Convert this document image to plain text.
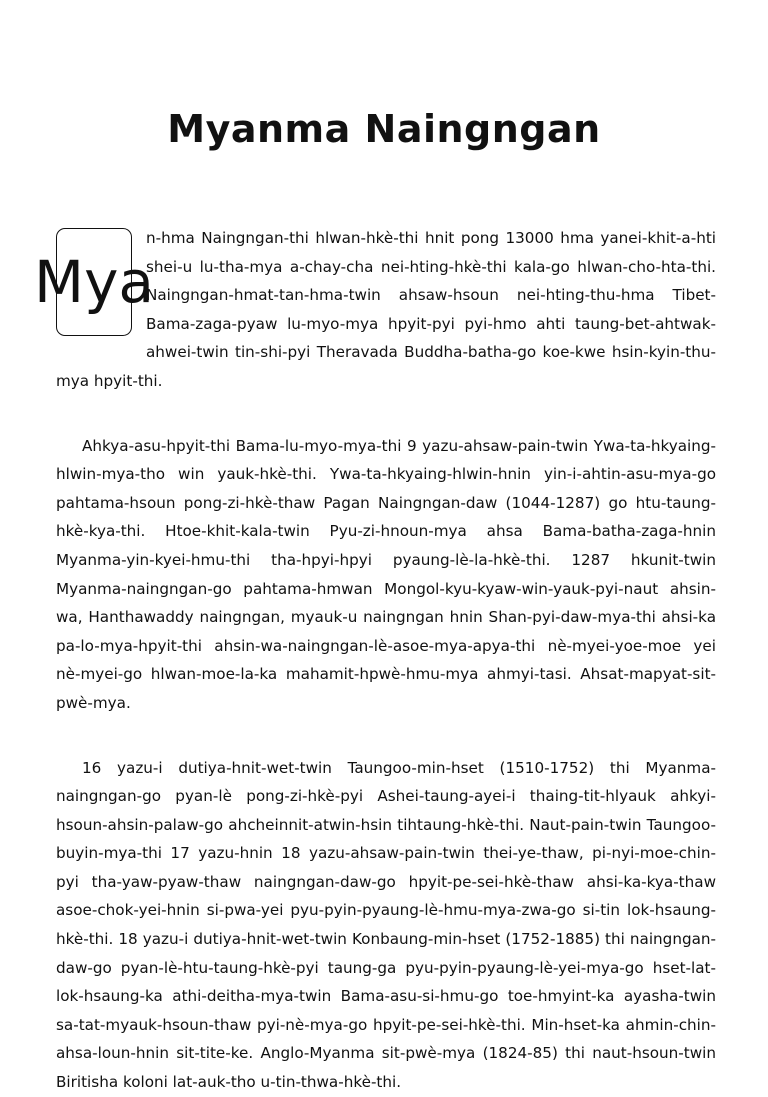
Myanma Naingngan
Mya

n-hma Naingngan-thi hlwan-hkè-thi hnit pong 13000 hma yanei-khit-a-hti shei-u lu-tha-mya a-chay-cha nei-hting-hkè-thi kala-go hlwan-cho-hta-thi. Naingngan-hmat-tan-hma-twin ahsaw-hsoun nei-hting-thu-hma Tibet-Bama-zaga-pyaw lu-myo-mya hpyit-pyi pyi-hmo ahti taung-bet-ahtwak-ahwei-twin tin-shi-pyi Theravada Buddha-batha-go koe-kwe hsin-kyin-thu-mya hpyit-thi.

Ahkya-asu-hpyit-thi Bama-lu-myo-mya-thi 9 yazu-ahsaw-pain-twin Ywa-ta-hkyaing-hlwin-mya-tho win yauk-hkè-thi. Ywa-ta-hkyaing-hlwin-hnin yin-i-ahtin-asu-mya-go pahtama-hsoun pong-zi-hkè-thaw Pagan Naingngan-daw (1044-1287) go htu-taung-hkè-kya-thi. Htoe-khit-kala-twin Pyu-zi-hnoun-mya ahsa Bama-batha-zaga-hnin Myanma-yin-kyei-hmu-thi tha-hpyi-hpyi pyaung-lè-la-hkè-thi. 1287 hkunit-twin Myanma-naingngan-go pahtama-hmwan Mongol-kyu-kyaw-win-yauk-pyi-naut ahsin-wa, Hanthawaddy naingngan, myauk-u naingngan hnin Shan-pyi-daw-mya-thi ahsi-ka pa-lo-mya-hpyit-thi ahsin-wa-naingngan-lè-asoe-mya-apya-thi nè-myei-yoe-moe yei nè-myei-go hlwan-moe-la-ka mahamit-hpwè-hmu-mya ahmyi-tasi. Ahsat-mapyat-sit-pwè-mya.

16 yazu-i dutiya-hnit-wet-twin Taungoo-min-hset (1510-1752) thi Myanma-naingngan-go pyan-lè pong-zi-hkè-pyi Ashei-taung-ayei-i thaing-tit-hlyauk ahkyi-hsoun-ahsin-palaw-go ahcheinnit-atwin-hsin tihtaung-hkè-thi. Naut-pain-twin Taungoo-buyin-mya-thi 17 yazu-hnin 18 yazu-ahsaw-pain-twin thei-ye-thaw, pi-nyi-moe-chin-pyi tha-yaw-pyaw-thaw naingngan-daw-go hpyit-pe-sei-hkè-thaw ahsi-ka-kya-thaw asoe-chok-yei-hnin si-pwa-yei pyu-pyin-pyaung-lè-hmu-mya-zwa-go si-tin lok-hsaung-hkè-thi. 18 yazu-i dutiya-hnit-wet-twin Konbaung-min-hset (1752-1885) thi naingngan-daw-go pyan-lè-htu-taung-hkè-pyi taung-ga pyu-pyin-pyaung-lè-yei-mya-go hset-lat-lok-hsaung-ka athi-deitha-mya-twin Bama-asu-si-hmu-go toe-hmyint-ka ayasha-twin sa-tat-myauk-hsoun-thaw pyi-nè-mya-go hpyit-pe-sei-hkè-thi. Min-hset-ka ahmin-chin-ahsa-loun-hnin sit-tite-ke. Anglo-Myanma sit-pwè-mya (1824-85) thi naut-hsoun-twin Biritisha koloni lat-auk-tho u-tin-thwa-hkè-thi.
